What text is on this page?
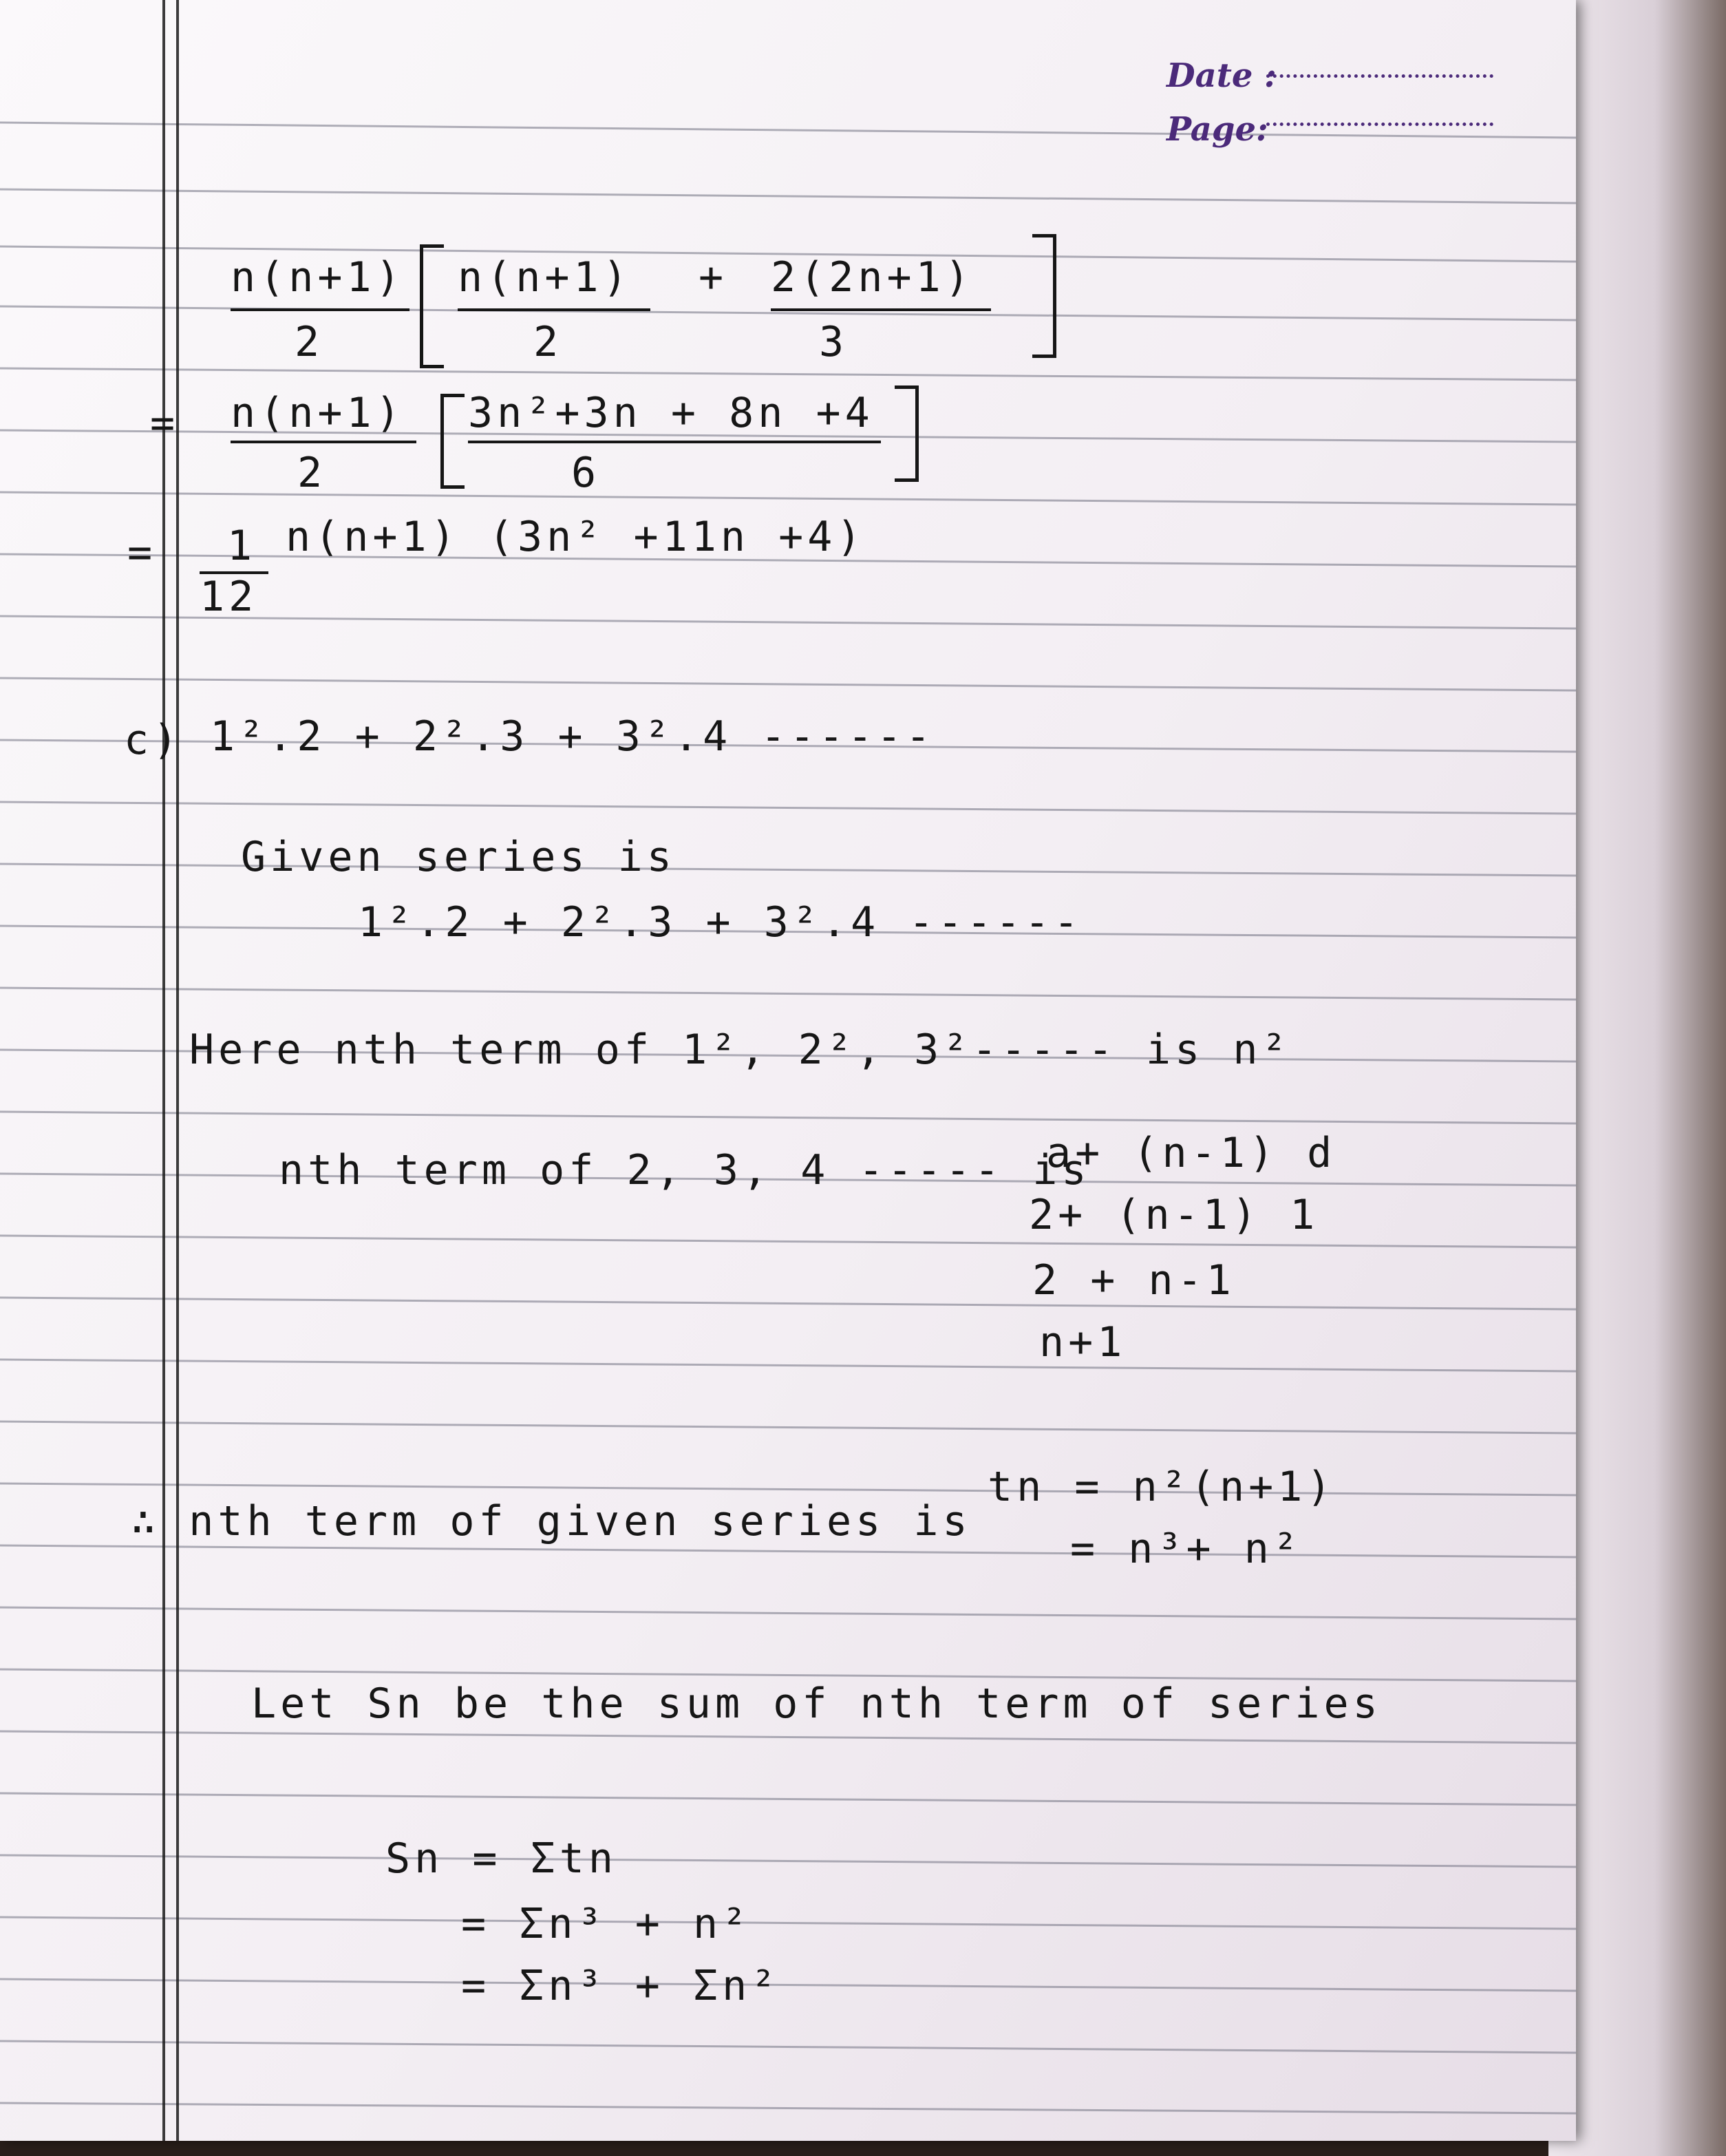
Date :
Page:
n(n+1)
2
n(n+1)
2
+ 2(2n+1)
3
= n(n+1)
2
3n²+3n + 8n +4
6
= 1
12
n(n+1) (3n² +11n +4)
c) 1².2 + 2².3 + 3².4 ------
Given series is
1².2 + 2².3 + 3².4 ------
Here nth term of 1², 2², 3²----- is n²
nth term of 2, 3, 4 ----- is
a+ (n-1) d
2+ (n-1) 1
2 + n-1
n+1
∴ nth term of given series is
tn = n²(n+1)
= n³+ n²
Let Sn be the sum of nth term of series
Sn = Σtn
= Σn³ + n²
= Σn³ + Σn²
